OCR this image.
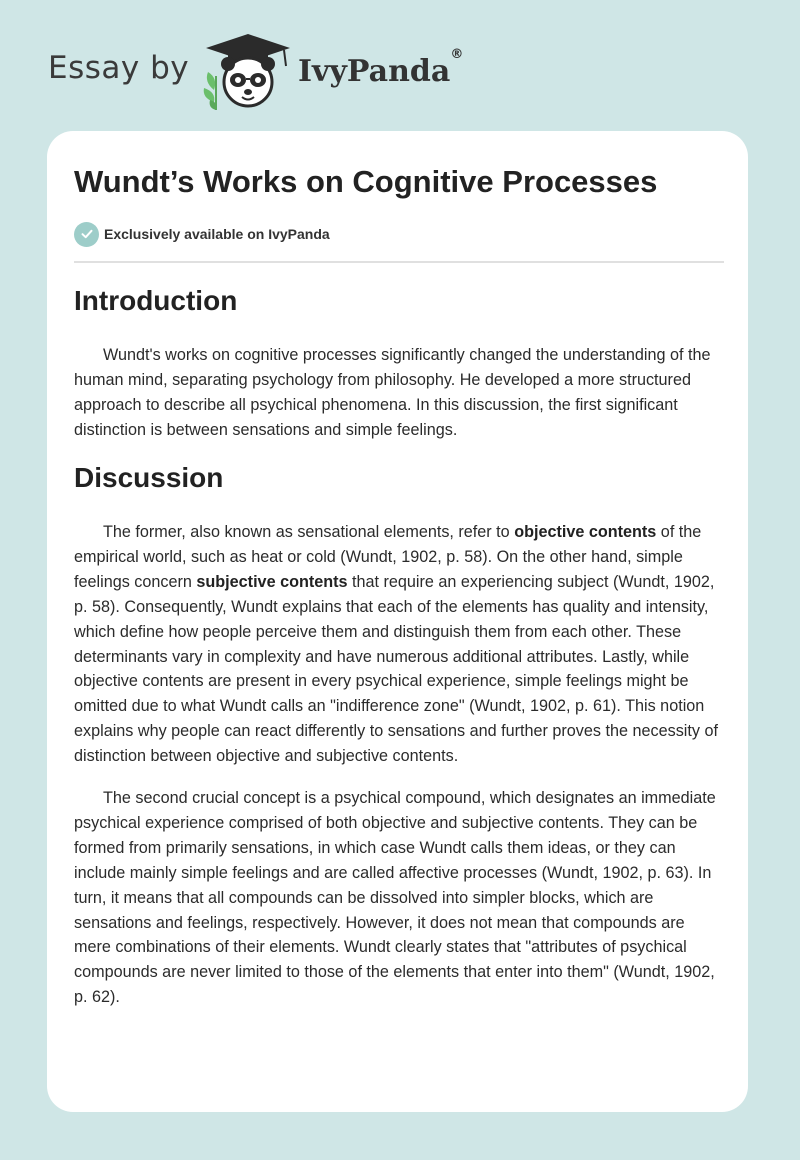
Essay by	IvyPanda®
Wundt’s Works on Cognitive Processes
Exclusively available on IvyPanda
Introduction

Wundt's works on cognitive processes significantly changed the understanding of the human mind, separating psychology from philosophy. He developed a more structured approach to describe all psychical phenomena. In this discussion, the first significant distinction is between sensations and simple feelings.

Discussion

The former, also known as sensational elements, refer to objective contents of the empirical world, such as heat or cold (Wundt, 1902, p. 58). On the other hand, simple feelings concern subjective contents that require an experiencing subject (Wundt, 1902, p. 58). Consequently, Wundt explains that each of the elements has quality and intensity, which define how people perceive them and distinguish them from each other. These determinants vary in complexity and have numerous additional attributes. Lastly, while objective contents are present in every psychical experience, simple feelings might be omitted due to what Wundt calls an "indifference zone" (Wundt, 1902, p. 61). This notion explains why people can react differently to sensations and further proves the necessity of distinction between objective and subjective contents.

The second crucial concept is a psychical compound, which designates an immediate psychical experience comprised of both objective and subjective contents. They can be formed from primarily sensations, in which case Wundt calls them ideas, or they can include mainly simple feelings and are called affective processes (Wundt, 1902, p. 63). In turn, it means that all compounds can be dissolved into simpler blocks, which are sensations and feelings, respectively. However, it does not mean that compounds are mere combinations of their elements. Wundt clearly states that "attributes of psychical compounds are never limited to those of the elements that enter into them" (Wundt, 1902, p. 62).
